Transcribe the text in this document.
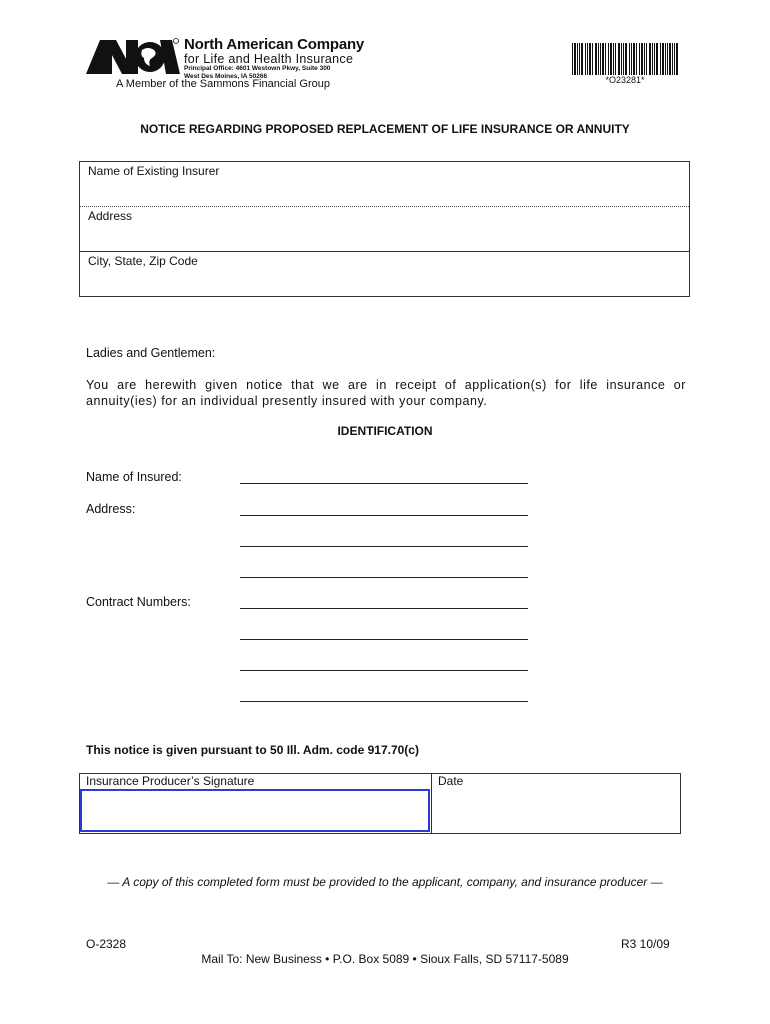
North American Company
for Life and Health Insurance
Principal Office: 4601 Westown Pkwy, Suite 300
West Des Moines, IA 50266
A Member of the Sammons Financial Group	*O23281*
NOTICE REGARDING PROPOSED REPLACEMENT OF LIFE INSURANCE OR ANNUITY
Name of Existing Insurer
Address
City, State, Zip Code
Ladies and Gentlemen:
You are herewith given notice that we are in receipt of application(s) for life insurance or annuity(ies) for an individual presently insured with your company.
IDENTIFICATION
Name of Insured:
Address:
Contract Numbers:
This notice is given pursuant to 50 Ill. Adm. code 917.70(c)
Insurance Producer’s Signature	Date
— A copy of this completed form must be provided to the applicant, company, and insurance producer —
O-2328	R3 10/09
Mail To: New Business • P.O. Box 5089 • Sioux Falls, SD 57117-5089
